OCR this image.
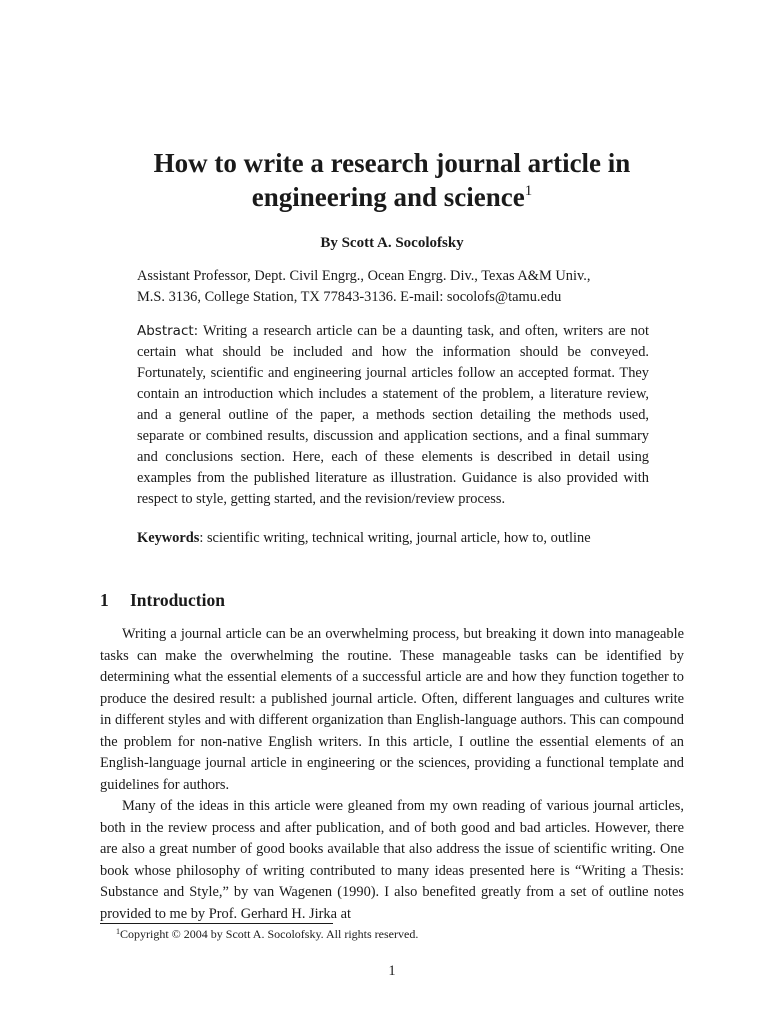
How to write a research journal article in engineering and science$^1$
By Scott A. Socolofsky
Assistant Professor, Dept. Civil Engrg., Ocean Engrg. Div., Texas A&M Univ.,
M.S. 3136, College Station, TX 77843-3136. E-mail: socolofs@tamu.edu

Abstract: Writing a research article can be a daunting task, and often, writers are not certain what should be included and how the information should be conveyed. Fortunately, scientific and engineering journal articles follow an accepted format. They contain an introduction which includes a statement of the problem, a literature review, and a general outline of the paper, a methods section detailing the methods used, separate or combined results, discussion and application sections, and a final summary and conclusions section. Here, each of these elements is described in detail using examples from the published literature as illustration. Guidance is also provided with respect to style, getting started, and the revision/review process.

Keywords: scientific writing, technical writing, journal article, how to, outline
1 Introduction

Writing a journal article can be an overwhelming process, but breaking it down into manageable tasks can make the overwhelming the routine. These manageable tasks can be identified by determining what the essential elements of a successful article are and how they function together to produce the desired result: a published journal article. Often, different languages and cultures write in different styles and with different organization than English-language authors. This can compound the problem for non-native English writers. In this article, I outline the essential elements of an English-language journal article in engineering or the sciences, providing a functional template and guidelines for authors.

Many of the ideas in this article were gleaned from my own reading of various journal articles, both in the review process and after publication, and of both good and bad articles. However, there are also a great number of good books available that also address the issue of scientific writing. One book whose philosophy of writing contributed to many ideas presented here is “Writing a Thesis: Substance and Style,” by van Wagenen (1990). I also benefited greatly from a set of outline notes provided to me by Prof. Gerhard H. Jirka at

$^1$Copyright © 2004 by Scott A. Socolofsky. All rights reserved.
1
